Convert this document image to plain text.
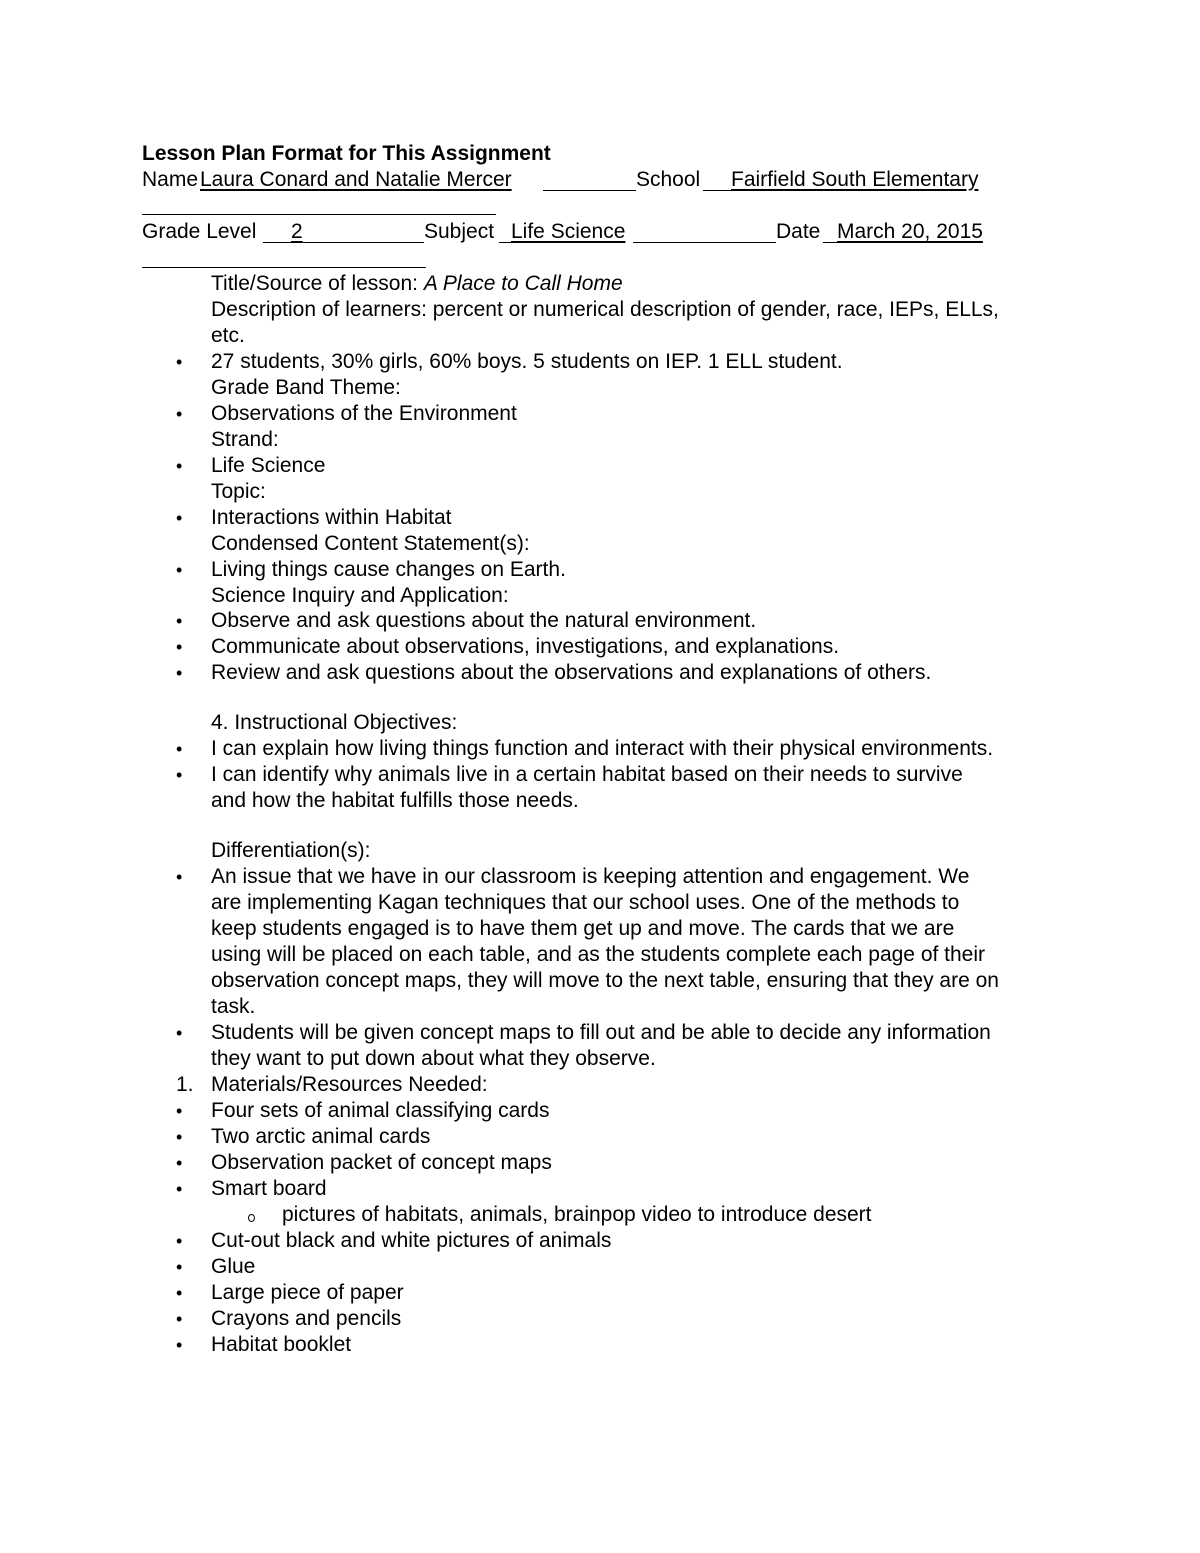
Lesson Plan Format for This Assignment
Name Laura Conard and Natalie Mercer	School Fairfield South Elementary
Grade Level 2	Subject Life Science	Date March 20, 2015
Title/Source of lesson: A Place to Call Home
Description of learners: percent or numerical description of gender, race, IEPs, ELLs,
etc.
•	27 students, 30% girls, 60% boys. 5 students on IEP. 1 ELL student.
Grade Band Theme:
•	Observations of the Environment
Strand:
•	Life Science
Topic:
•	Interactions within Habitat
Condensed Content Statement(s):
•	Living things cause changes on Earth.
Science Inquiry and Application:
•	Observe and ask questions about the natural environment.
•	Communicate about observations, investigations, and explanations.
•	Review and ask questions about the observations and explanations of others.
4. Instructional Objectives:
•	I can explain how living things function and interact with their physical environments.
•	I can identify why animals live in a certain habitat based on their needs to survive
and how the habitat fulfills those needs.
Differentiation(s):
•	An issue that we have in our classroom is keeping attention and engagement. We
are implementing Kagan techniques that our school uses. One of the methods to
keep students engaged is to have them get up and move. The cards that we are
using will be placed on each table, and as the students complete each page of their
observation concept maps, they will move to the next table, ensuring that they are on
task.
•	Students will be given concept maps to fill out and be able to decide any information
they want to put down about what they observe.
1. Materials/Resources Needed:
•	Four sets of animal classifying cards
•	Two arctic animal cards
•	Observation packet of concept maps
•	Smart board
pictures of habitats, animals, brainpop video to introduce desert
•	Cut-out black and white pictures of animals
•	Glue
•	Large piece of paper
•	Crayons and pencils
•	Habitat booklet
